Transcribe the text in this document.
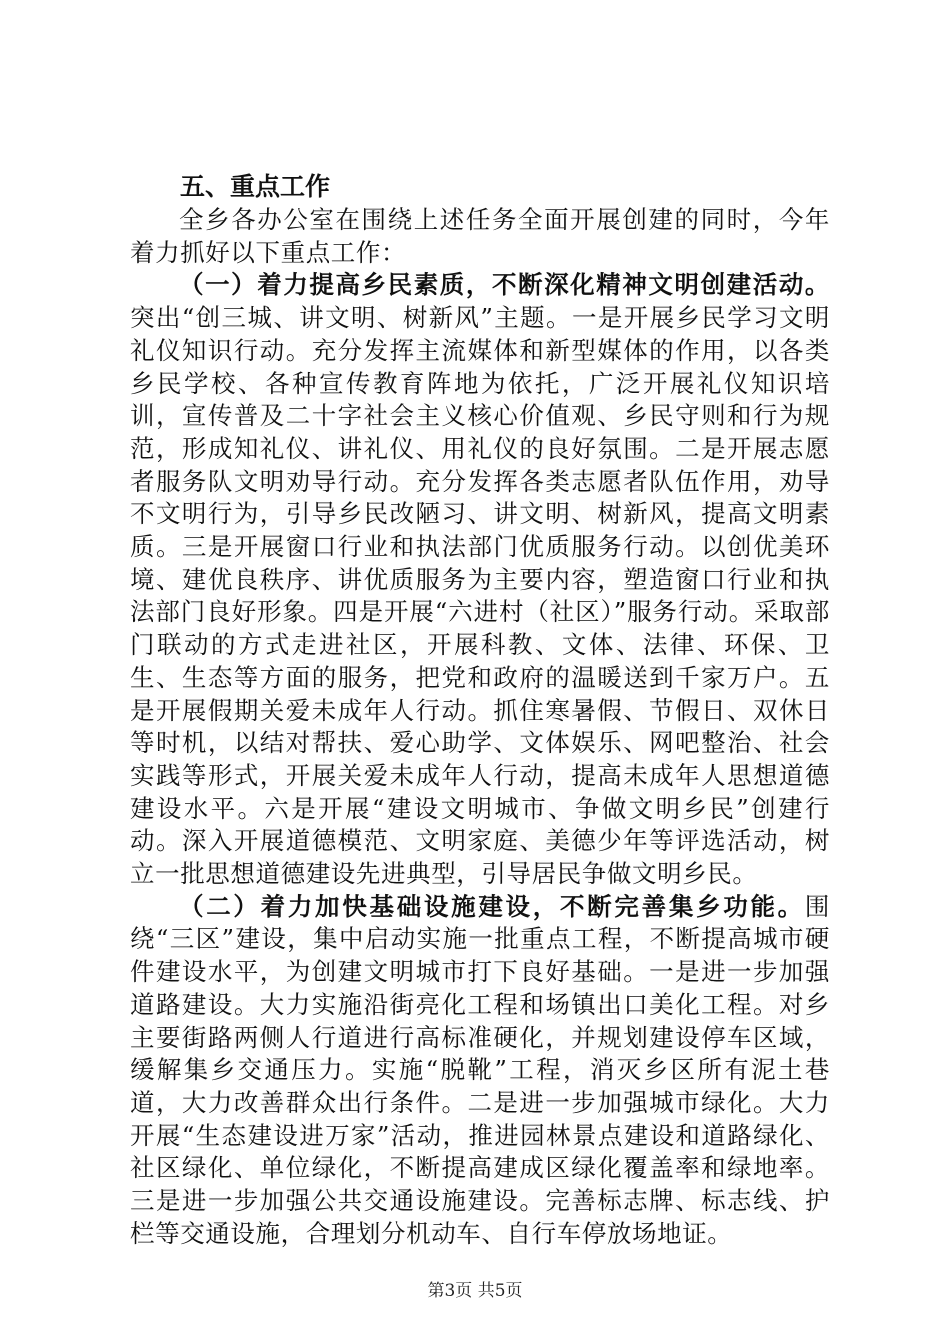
五、重点工作

全乡各办公室在围绕上述任务全面开展创建的同时，今年着力抓好以下重点工作：

（一）着力提高乡民素质，不断深化精神文明创建活动。突出“创三城、讲文明、树新风”主题。一是开展乡民学习文明礼仪知识行动。充分发挥主流媒体和新型媒体的作用，以各类乡民学校、各种宣传教育阵地为依托，广泛开展礼仪知识培训，宣传普及二十字社会主义核心价值观、乡民守则和行为规范，形成知礼仪、讲礼仪、用礼仪的良好氛围。二是开展志愿者服务队文明劝导行动。充分发挥各类志愿者队伍作用，劝导不文明行为，引导乡民改陋习、讲文明、树新风，提高文明素质。三是开展窗口行业和执法部门优质服务行动。以创优美环境、建优良秩序、讲优质服务为主要内容，塑造窗口行业和执法部门良好形象。四是开展“六进村（社区）”服务行动。采取部门联动的方式走进社区，开展科教、文体、法律、环保、卫生、生态等方面的服务，把党和政府的温暖送到千家万户。五是开展假期关爱未成年人行动。抓住寒暑假、节假日、双休日等时机，以结对帮扶、爱心助学、文体娱乐、网吧整治、社会实践等形式，开展关爱未成年人行动，提高未成年人思想道德建设水平。六是开展“建设文明城市、争做文明乡民”创建行动。深入开展道德模范、文明家庭、美德少年等评选活动，树立一批思想道德建设先进典型，引导居民争做文明乡民。

（二）着力加快基础设施建设，不断完善集乡功能。围绕“三区”建设，集中启动实施一批重点工程，不断提高城市硬件建设水平，为创建文明城市打下良好基础。一是进一步加强道路建设。大力实施沿街亮化工程和场镇出口美化工程。对乡主要街路两侧人行道进行高标准硬化，并规划建设停车区域，缓解集乡交通压力。实施“脱靴”工程，消灭乡区所有泥土巷道，大力改善群众出行条件。二是进一步加强城市绿化。大力开展“生态建设进万家”活动，推进园林景点建设和道路绿化、社区绿化、单位绿化，不断提高建成区绿化覆盖率和绿地率。三是进一步加强公共交通设施建设。完善标志牌、标志线、护栏等交通设施，合理划分机动车、自行车停放场地证。

第3页 共5页
